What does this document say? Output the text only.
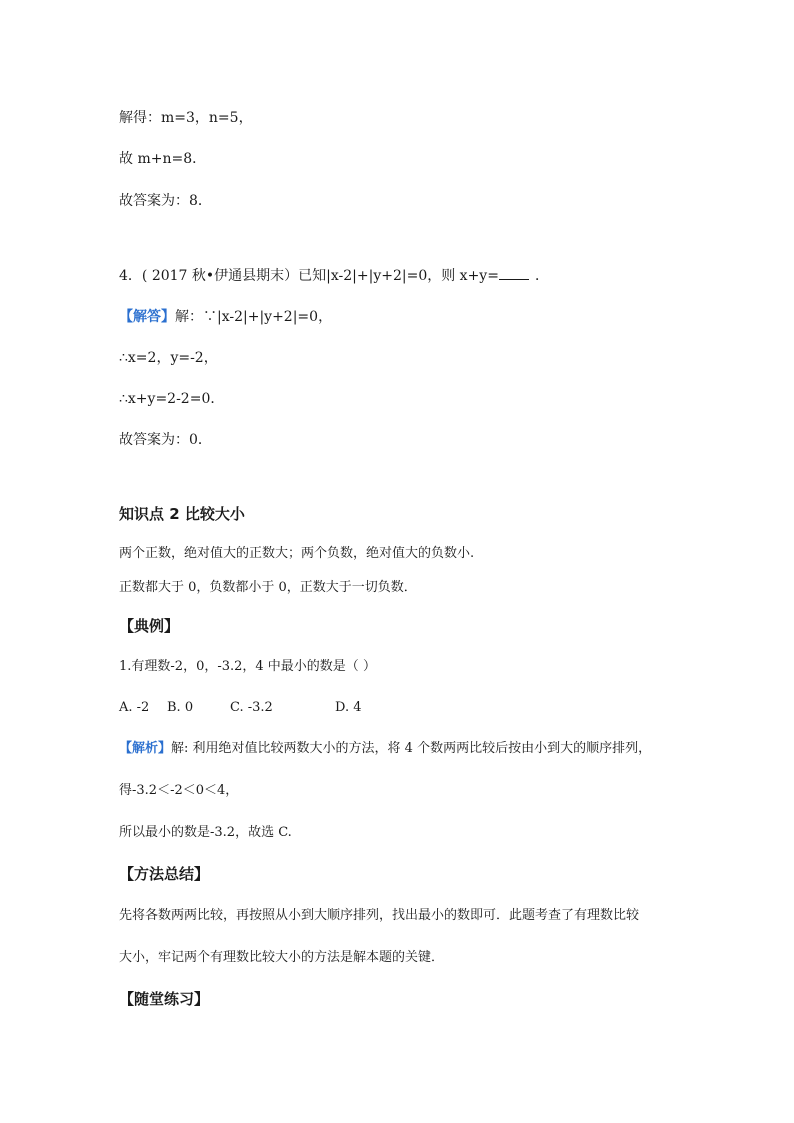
解得：m=3，n=5，
故 m+n=8．
故答案为：8．
4．( 2017 秋•伊通县期末）已知|x-2|+|y+2|=0，则 x+y=	．
【解答】解：∵|x-2|+|y+2|=0，
∴x=2，y=-2，
∴x+y=2-2=0．
故答案为：0．
知识点 2 比较大小
两个正数，绝对值大的正数大；两个负数，绝对值大的负数小.
正数都大于 0，负数都小于 0，正数大于一切负数．
【典例】
1.有理数-2，0，-3.2，4 中最小的数是（ ）
A. -2 B. 0	C. -3.2	D. 4
【解析】解: 利用绝对值比较两数大小的方法，将 4 个数两两比较后按由小到大的顺序排列，
得-3.2＜-2＜0＜4，
所以最小的数是-3.2，故选 C.
【方法总结】
先将各数两两比较，再按照从小到大顺序排列，找出最小的数即可．此题考查了有理数比较
大小，牢记两个有理数比较大小的方法是解本题的关键．
【随堂练习】
